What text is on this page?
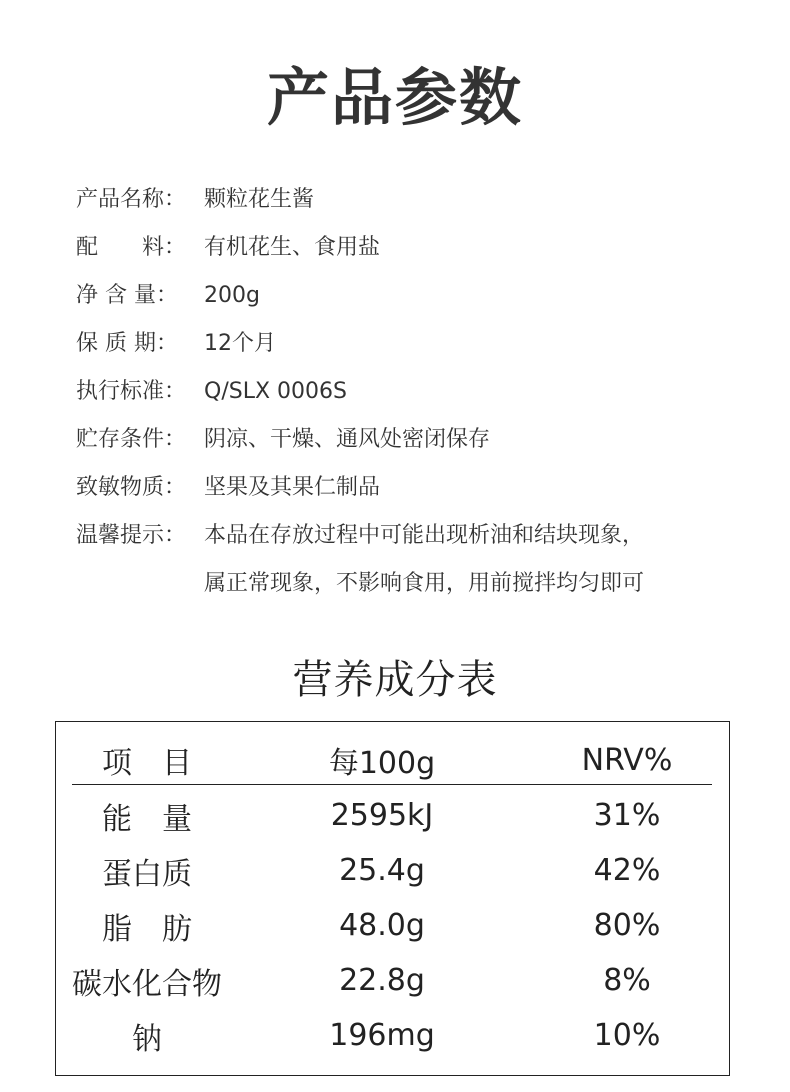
产品参数
产品名称： 颗粒花生酱
配　　料： 有机花生、食用盐
净 含 量：	200g
保 质 期：	12个月
执行标准： Q/SLX 0006S
贮存条件： 阴凉、干燥、通风处密闭保存
致敏物质： 坚果及其果仁制品
温馨提示： 本品在存放过程中可能出现析油和结块现象，
属正常现象，不影响食用，用前搅拌均匀即可
营养成分表
项　目	每100g	NRV%
能　量	2595kJ	31%
蛋白质	25.4g	42%
脂　肪	48.0g	80%
碳水化合物	22.8g	8%
钠	196mg	10%
